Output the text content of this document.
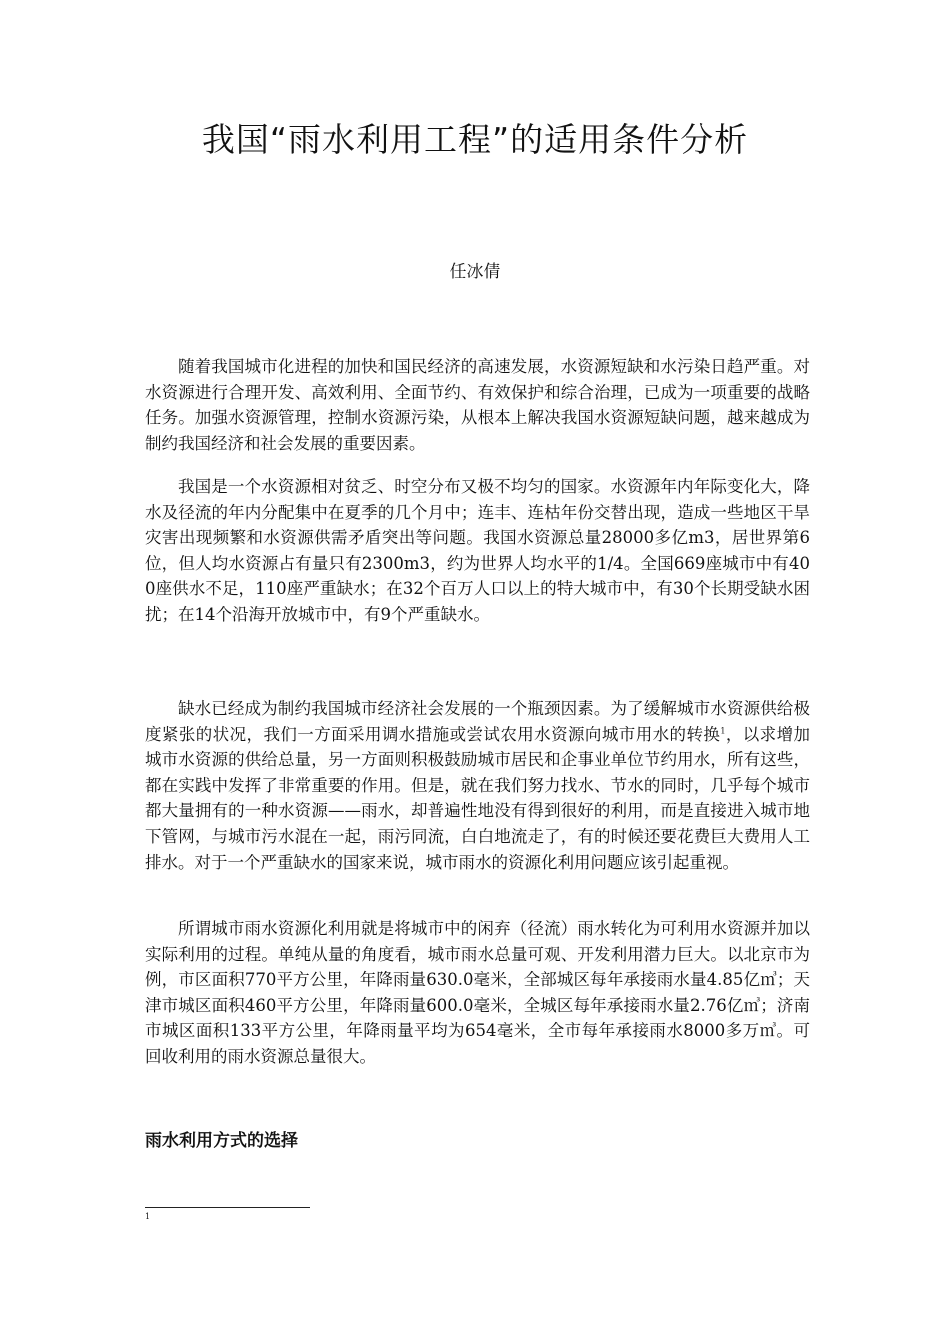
我国“雨水利用工程”的适用条件分析
任冰倩

随着我国城市化进程的加快和国民经济的高速发展，水资源短缺和水污染日趋严重。对水资源进行合理开发、高效利用、全面节约、有效保护和综合治理，已成为一项重要的战略任务。加强水资源管理，控制水资源污染，从根本上解决我国水资源短缺问题，越来越成为制约我国经济和社会发展的重要因素。

我国是一个水资源相对贫乏、时空分布又极不均匀的国家。水资源年内年际变化大，降水及径流的年内分配集中在夏季的几个月中；连丰、连枯年份交替出现，造成一些地区干旱灾害出现频繁和水资源供需矛盾突出等问题。我国水资源总量28000多亿m3，居世界第6位，但人均水资源占有量只有2300m3，约为世界人均水平的1/4。全国669座城市中有400座供水不足，110座严重缺水；在32个百万人口以上的特大城市中，有30个长期受缺水困扰；在14个沿海开放城市中，有9个严重缺水。

缺水已经成为制约我国城市经济社会发展的一个瓶颈因素。为了缓解城市水资源供给极度紧张的状况，我们一方面采用调水措施或尝试农用水资源向城市用水的转换$^1$，以求增加城市水资源的供给总量，另一方面则积极鼓励城市居民和企事业单位节约用水，所有这些，都在实践中发挥了非常重要的作用。但是，就在我们努力找水、节水的同时，几乎每个城市都大量拥有的一种水资源——雨水，却普遍性地没有得到很好的利用，而是直接进入城市地下管网，与城市污水混在一起，雨污同流，白白地流走了，有的时候还要花费巨大费用人工排水。对于一个严重缺水的国家来说，城市雨水的资源化利用问题应该引起重视。

所谓城市雨水资源化利用就是将城市中的闲弃（径流）雨水转化为可利用水资源并加以实际利用的过程。单纯从量的角度看，城市雨水总量可观、开发利用潜力巨大。以北京市为例，市区面积770平方公里，年降雨量630.0毫米，全部城区每年承接雨水量4.85亿㎥；天津市城区面积460平方公里，年降雨量600.0毫米，全城区每年承接雨水量2.76亿㎥；济南市城区面积133平方公里，年降雨量平均为654毫米，全市每年承接雨水8000多万㎥。可回收利用的雨水资源总量很大。

雨水利用方式的选择
1
